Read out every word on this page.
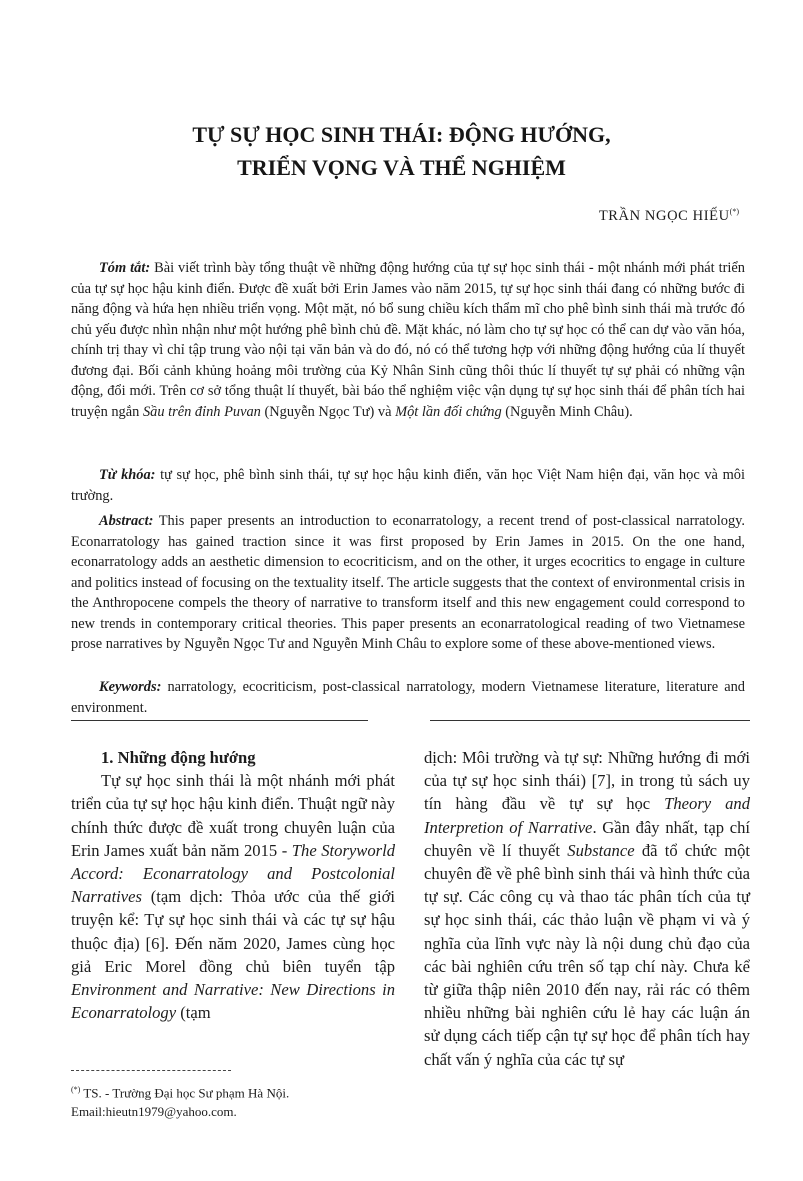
TỰ SỰ HỌC SINH THÁI: ĐỘNG HƯỚNG,
TRIỂN VỌNG VÀ THỂ NGHIỆM
TRẦN NGỌC HIẾU(*)
Tóm tắt: Bài viết trình bày tổng thuật về những động hướng của tự sự học sinh thái - một nhánh mới phát triển của tự sự học hậu kinh điển. Được đề xuất bởi Erin James vào năm 2015, tự sự học sinh thái đang có những bước đi năng động và hứa hẹn nhiều triển vọng. Một mặt, nó bổ sung chiều kích thẩm mĩ cho phê bình sinh thái mà trước đó chủ yếu được nhìn nhận như một hướng phê bình chủ đề. Mặt khác, nó làm cho tự sự học có thể can dự vào văn hóa, chính trị thay vì chỉ tập trung vào nội tại văn bản và do đó, nó có thể tương hợp với những động hướng của lí thuyết đương đại. Bối cảnh khủng hoảng môi trường của Kỷ Nhân Sinh cũng thôi thúc lí thuyết tự sự phải có những vận động, đổi mới. Trên cơ sở tổng thuật lí thuyết, bài báo thể nghiệm việc vận dụng tự sự học sinh thái để phân tích hai truyện ngắn Sầu trên đỉnh Puvan (Nguyễn Ngọc Tư) và Một lần đối chứng (Nguyễn Minh Châu).
Từ khóa: tự sự học, phê bình sinh thái, tự sự học hậu kinh điển, văn học Việt Nam hiện đại, văn học và môi trường.
Abstract: This paper presents an introduction to econarratology, a recent trend of post-classical narratology. Econarratology has gained traction since it was first proposed by Erin James in 2015. On the one hand, econarratology adds an aesthetic dimension to ecocriticism, and on the other, it urges ecocritics to engage in culture and politics instead of focusing on the textuality itself. The article suggests that the context of environmental crisis in the Anthropocene compels the theory of narrative to transform itself and this new engagement could correspond to new trends in contemporary critical theories. This paper presents an econarratological reading of two Vietnamese prose narratives by Nguyễn Ngọc Tư and Nguyễn Minh Châu to explore some of these above-mentioned views.
Keywords: narratology, ecocriticism, post-classical narratology, modern Vietnamese literature, literature and environment.

1. Những động hướng

Tự sự học sinh thái là một nhánh mới phát triển của tự sự học hậu kinh điển. Thuật ngữ này chính thức được đề xuất trong chuyên luận của Erin James xuất bản năm 2015 - The Storyworld Accord: Econarratology and Postcolonial Narratives (tạm dịch: Thỏa ước của thế giới truyện kể: Tự sự học sinh thái và các tự sự hậu thuộc địa) [6]. Đến năm 2020, James cùng học giả Eric Morel đồng chủ biên tuyển tập Environment and Narrative: New Directions in Econarratology (tạm

dịch: Môi trường và tự sự: Những hướng đi mới của tự sự học sinh thái) [7], in trong tủ sách uy tín hàng đầu về tự sự học Theory and Interpretion of Narrative. Gần đây nhất, tạp chí chuyên về lí thuyết Substance đã tổ chức một chuyên đề về phê bình sinh thái và hình thức của tự sự. Các công cụ và thao tác phân tích của tự sự học sinh thái, các thảo luận về phạm vi và ý nghĩa của lĩnh vực này là nội dung chủ đạo của các bài nghiên cứu trên số tạp chí này. Chưa kể từ giữa thập niên 2010 đến nay, rải rác có thêm nhiều những bài nghiên cứu lẻ hay các luận án sử dụng cách tiếp cận tự sự học để phân tích hay chất vấn ý nghĩa của các tự sự

(*) TS. - Trường Đại học Sư phạm Hà Nội.
Email:hieutn1979@yahoo.com.
